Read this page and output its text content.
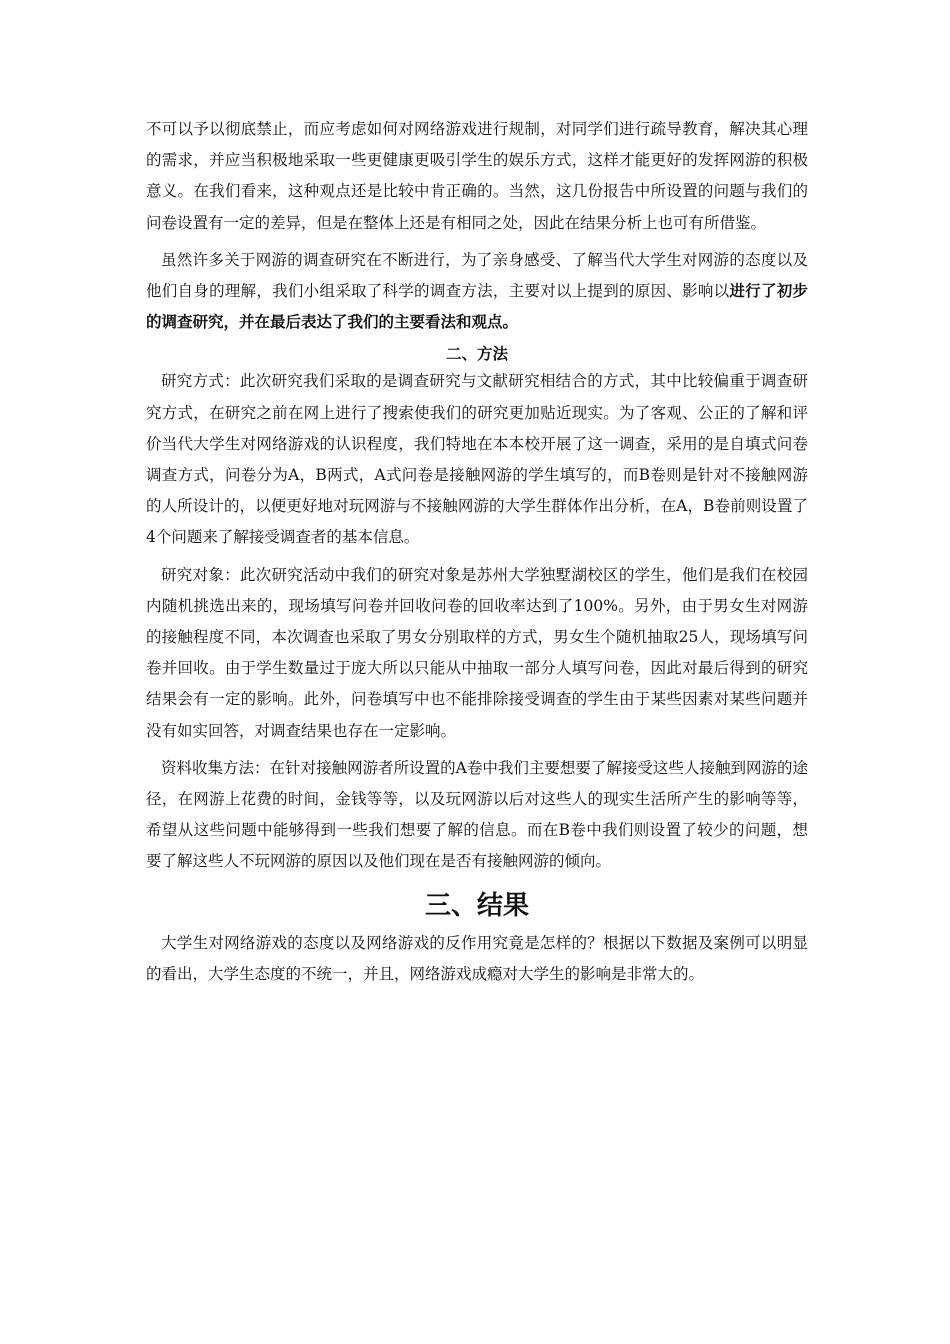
不可以予以彻底禁止，而应考虑如何对网络游戏进行规制，对同学们进行疏导教育，解决其心理的需求，并应当积极地采取一些更健康更吸引学生的娱乐方式，这样才能更好的发挥网游的积极意义。在我们看来，这种观点还是比较中肯正确的。当然，这几份报告中所设置的问题与我们的问卷设置有一定的差异，但是在整体上还是有相同之处，因此在结果分析上也可有所借鉴。

虽然许多关于网游的调查研究在不断进行，为了亲身感受、了解当代大学生对网游的态度以及他们自身的理解，我们小组采取了科学的调查方法，主要对以上提到的原因、影响以进行了初步的调查研究，并在最后表达了我们的主要看法和观点。

二、方法

研究方式：此次研究我们采取的是调查研究与文献研究相结合的方式，其中比较偏重于调查研究方式，在研究之前在网上进行了搜索使我们的研究更加贴近现实。为了客观、公正的了解和评价当代大学生对网络游戏的认识程度，我们特地在本本校开展了这一调查，采用的是自填式问卷调查方式，问卷分为A，B两式，A式问卷是接触网游的学生填写的，而B卷则是针对不接触网游的人所设计的，以便更好地对玩网游与不接触网游的大学生群体作出分析，在A，B卷前则设置了4个问题来了解接受调查者的基本信息。

研究对象：此次研究活动中我们的研究对象是苏州大学独墅湖校区的学生，他们是我们在校园内随机挑选出来的，现场填写问卷并回收问卷的回收率达到了100%。另外，由于男女生对网游的接触程度不同，本次调查也采取了男女分别取样的方式，男女生个随机抽取25人，现场填写问卷并回收。由于学生数量过于庞大所以只能从中抽取一部分人填写问卷，因此对最后得到的研究结果会有一定的影响。此外，问卷填写中也不能排除接受调查的学生由于某些因素对某些问题并没有如实回答，对调查结果也存在一定影响。

资料收集方法：在针对接触网游者所设置的A卷中我们主要想要了解接受这些人接触到网游的途径，在网游上花费的时间，金钱等等，以及玩网游以后对这些人的现实生活所产生的影响等等，希望从这些问题中能够得到一些我们想要了解的信息。而在B卷中我们则设置了较少的问题，想要了解这些人不玩网游的原因以及他们现在是否有接触网游的倾向。

三、结果

大学生对网络游戏的态度以及网络游戏的反作用究竟是怎样的？根据以下数据及案例可以明显的看出，大学生态度的不统一，并且，网络游戏成瘾对大学生的影响是非常大的。
